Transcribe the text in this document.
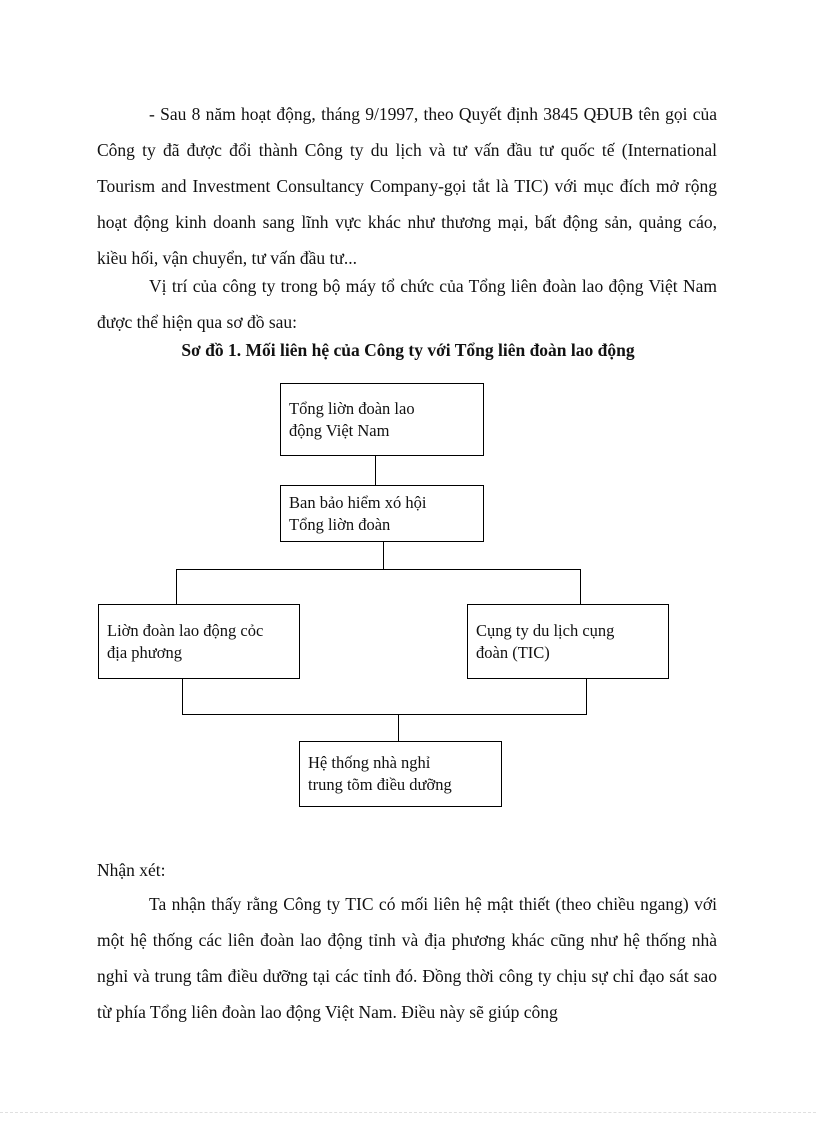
- Sau 8 năm hoạt động, tháng 9/1997, theo Quyết định 3845 QĐUB tên gọi của Công ty đã được đổi thành Công ty du lịch và tư vấn đầu tư quốc tế (International Tourism and Investment Consultancy Company-gọi tắt là TIC) với mục đích mở rộng hoạt động kinh doanh sang lĩnh vực khác như thương mại, bất động sản, quảng cáo, kiều hối, vận chuyển, tư vấn đầu tư...

Vị trí của công ty trong bộ máy tổ chức của Tổng liên đoàn lao động Việt Nam được thể hiện qua sơ đồ sau:

Sơ đồ 1. Mối liên hệ của Công ty với Tổng liên đoàn lao động

Tổng liờn đoàn lao
động Việt Nam
Ban bảo hiểm xó hội
Tổng liờn đoàn
Liờn đoàn lao động cỏc
địa phương
Cụng ty du lịch cụng
đoàn (TIC)
Hệ thống nhà nghỉ
trung tõm điều dưỡng

Nhận xét:

Ta nhận thấy rằng Công ty TIC có mối liên hệ mật thiết (theo chiều ngang) với một hệ thống các liên đoàn lao động tỉnh và địa phương khác cũng như hệ thống nhà nghỉ và trung tâm điều dưỡng tại các tỉnh đó. Đồng thời công ty chịu sự chỉ đạo sát sao từ phía Tổng liên đoàn lao động Việt Nam. Điều này sẽ giúp công
